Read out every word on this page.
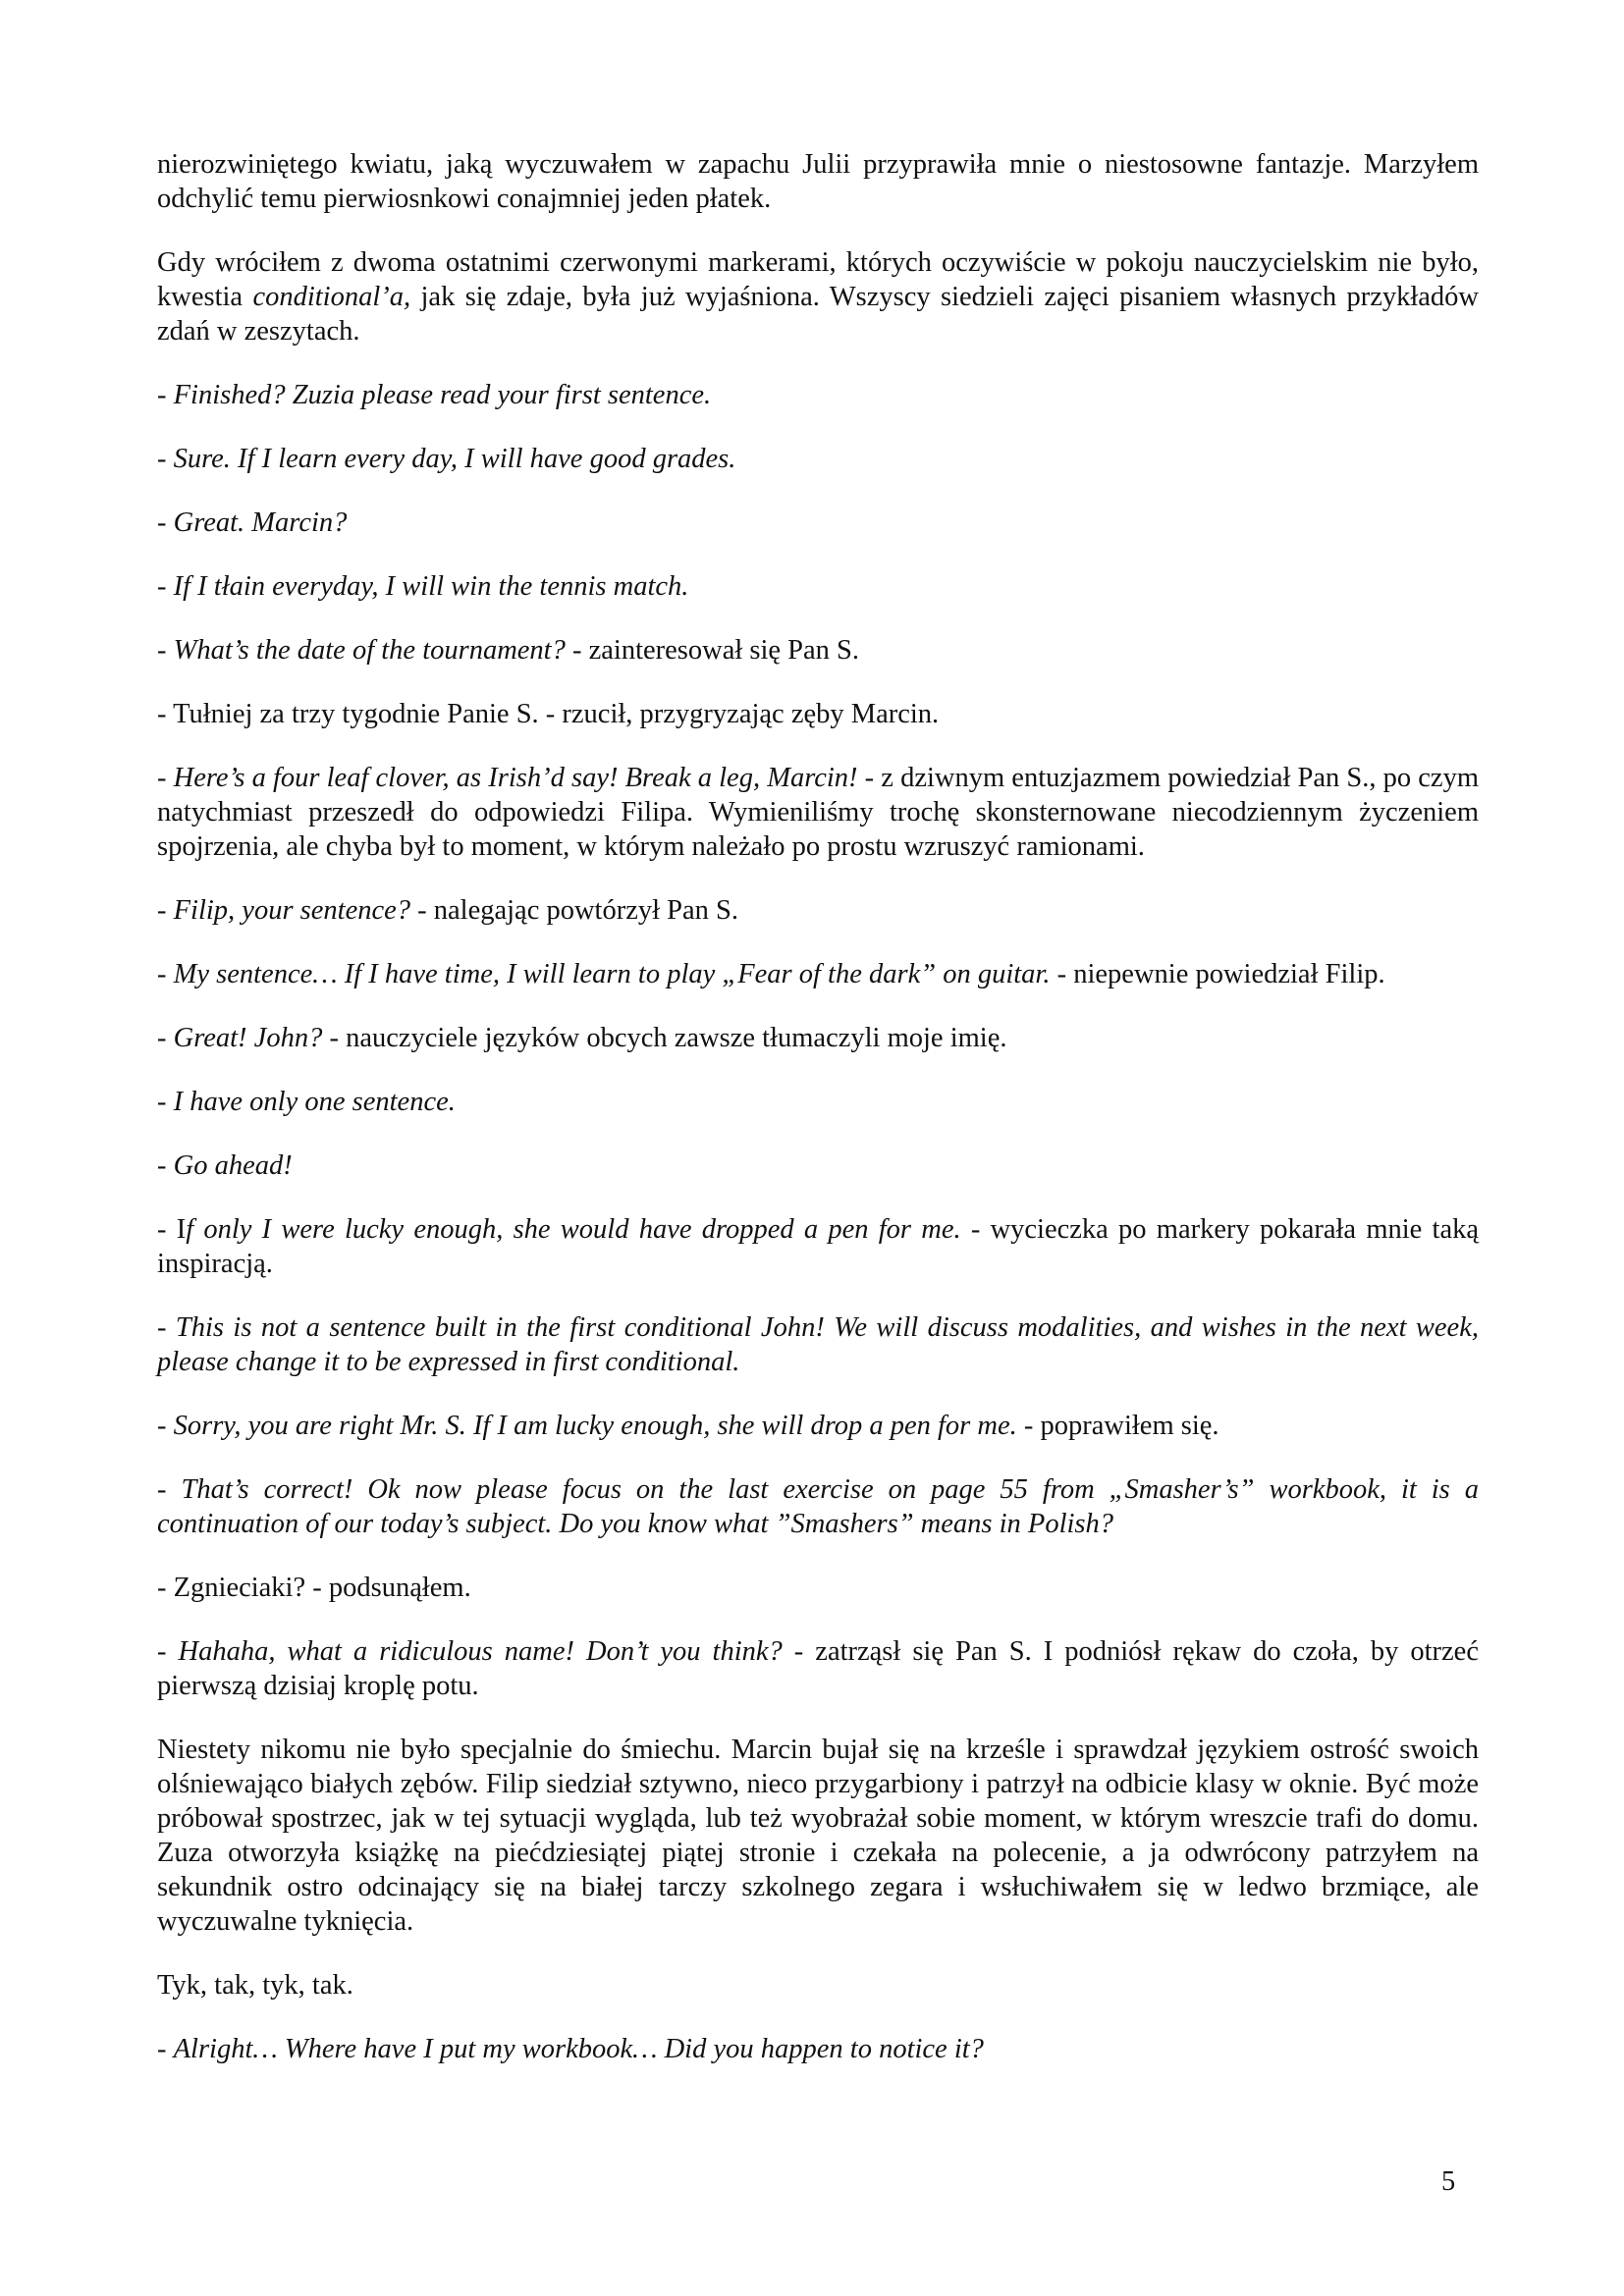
nierozwiniętego kwiatu, jaką wyczuwałem w zapachu Julii przyprawiła mnie o niestosowne fantazje. Marzyłem odchylić temu pierwiosnkowi conajmniej jeden płatek.

Gdy wróciłem z dwoma ostatnimi czerwonymi markerami, których oczywiście w pokoju nauczycielskim nie było, kwestia conditional’a, jak się zdaje, była już wyjaśniona. Wszyscy siedzieli zajęci pisaniem własnych przykładów zdań w zeszytach.

- Finished? Zuzia please read your first sentence.

- Sure. If I learn every day, I will have good grades.

- Great. Marcin?

- If I tłain everyday, I will win the tennis match.

- What’s the date of the tournament? - zainteresował się Pan S.

- Tułniej za trzy tygodnie Panie S. - rzucił, przygryzając zęby Marcin.

- Here’s a four leaf clover, as Irish’d say! Break a leg, Marcin! - z dziwnym entuzjazmem powiedział Pan S., po czym natychmiast przeszedł do odpowiedzi Filipa. Wymieniliśmy trochę skonsternowane niecodziennym życzeniem spojrzenia, ale chyba był to moment, w którym należało po prostu wzruszyć ramionami.

- Filip, your sentence? - nalegając powtórzył Pan S.

- My sentence… If I have time, I will learn to play „Fear of the dark” on guitar. - niepewnie powiedział Filip.

- Great! John? - nauczyciele języków obcych zawsze tłumaczyli moje imię.

- I have only one sentence.

- Go ahead!

- If only I were lucky enough, she would have dropped a pen for me. - wycieczka po markery pokarała mnie taką inspiracją.

- This is not a sentence built in the first conditional John! We will discuss modalities, and wishes in the next week, please change it to be expressed in first conditional.

- Sorry, you are right Mr. S. If I am lucky enough, she will drop a pen for me. - poprawiłem się.

- That’s correct! Ok now please focus on the last exercise on page 55 from „Smasher’s” workbook, it is a continuation of our today’s subject. Do you know what ”Smashers” means in Polish?

- Zgnieciaki? - podsunąłem.

- Hahaha, what a ridiculous name! Don’t you think? - zatrząsł się Pan S. I podniósł rękaw do czoła, by otrzeć pierwszą dzisiaj kroplę potu.

Niestety nikomu nie było specjalnie do śmiechu. Marcin bujał się na krześle i sprawdzał językiem ostrość swoich olśniewająco białych zębów. Filip siedział sztywno, nieco przygarbiony i patrzył na odbicie klasy w oknie. Być może próbował spostrzec, jak w tej sytuacji wygląda, lub też wyobrażał sobie moment, w którym wreszcie trafi do domu. Zuza otworzyła książkę na piećdziesiątej piątej stronie i czekała na polecenie, a ja odwrócony patrzyłem na sekundnik ostro odcinający się na białej tarczy szkolnego zegara i wsłuchiwałem się w ledwo brzmiące, ale wyczuwalne tyknięcia.

Tyk, tak, tyk, tak.

- Alright… Where have I put my workbook… Did you happen to notice it?

5
